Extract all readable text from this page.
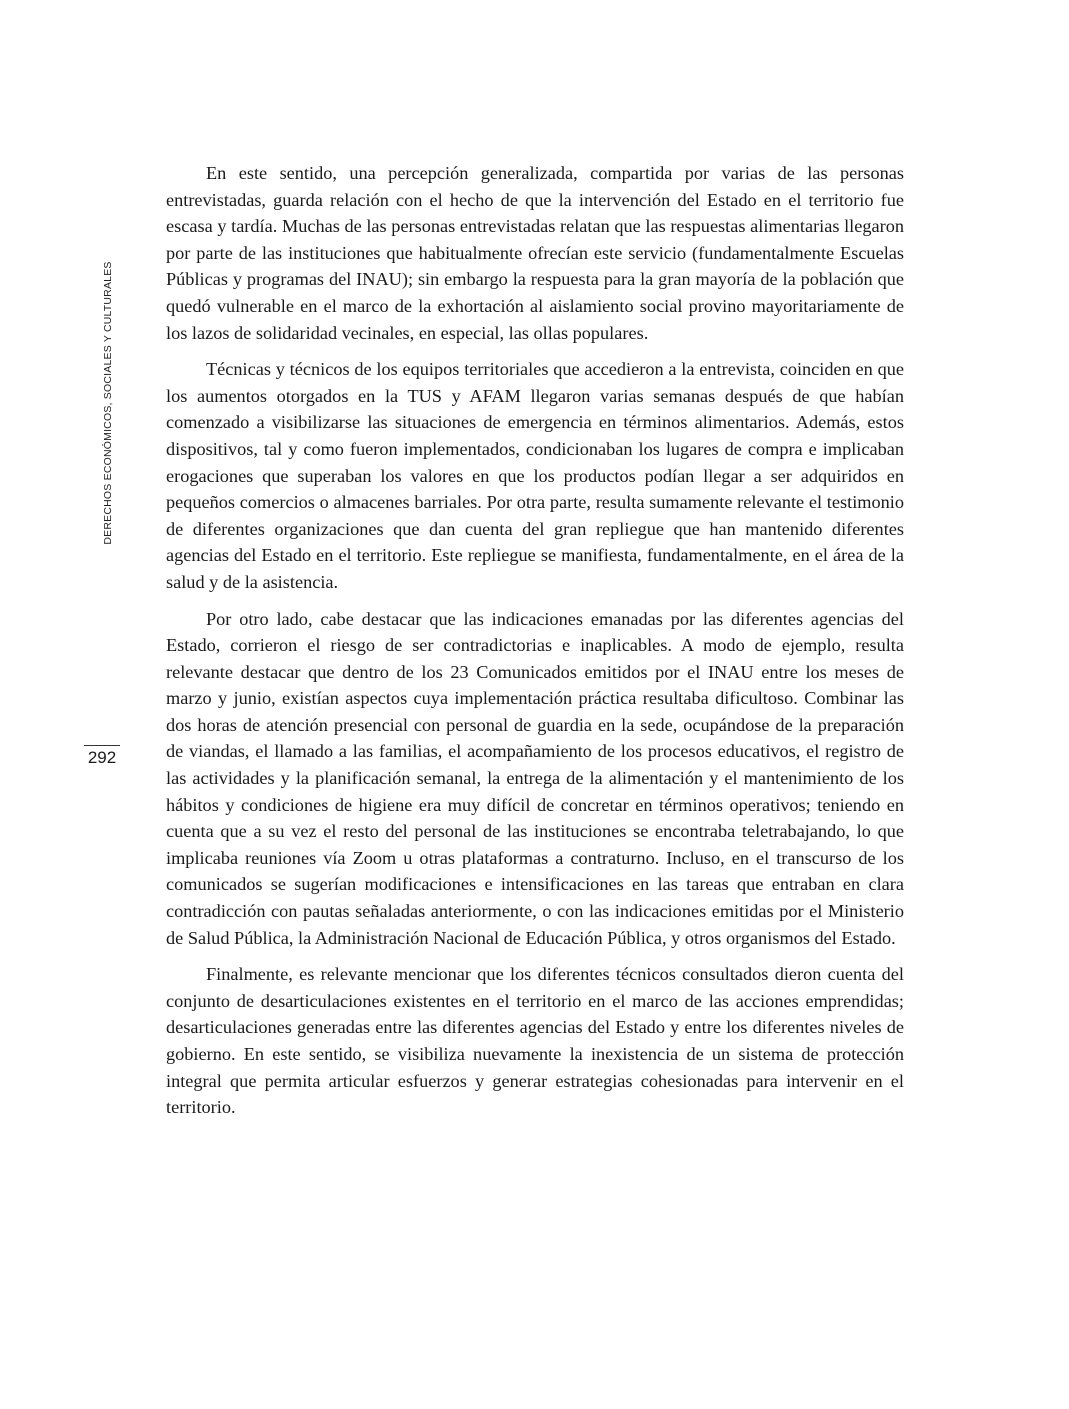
DERECHOS ECONÓMICOS, SOCIALES Y CULTURALES
292

En este sentido, una percepción generalizada, compartida por varias de las personas entrevistadas, guarda relación con el hecho de que la intervención del Estado en el territorio fue escasa y tardía. Muchas de las personas entrevistadas relatan que las respuestas alimentarias llegaron por parte de las instituciones que habitualmente ofrecían este servicio (fundamentalmente Escuelas Públicas y programas del INAU); sin embargo la respuesta para la gran mayoría de la población que quedó vulnerable en el marco de la exhortación al aislamiento social provino mayoritariamente de los lazos de solidaridad vecinales, en especial, las ollas populares.

Técnicas y técnicos de los equipos territoriales que accedieron a la entrevista, coinciden en que los aumentos otorgados en la TUS y AFAM llegaron varias semanas después de que habían comenzado a visibilizarse las situaciones de emergencia en términos alimentarios. Además, estos dispositivos, tal y como fueron implementados, condicionaban los lugares de compra e implicaban erogaciones que superaban los valores en que los productos podían llegar a ser adquiridos en pequeños comercios o almacenes barriales. Por otra parte, resulta sumamente relevante el testimonio de diferentes organizaciones que dan cuenta del gran repliegue que han mantenido diferentes agencias del Estado en el territorio. Este repliegue se manifiesta, fundamentalmente, en el área de la salud y de la asistencia.

Por otro lado, cabe destacar que las indicaciones emanadas por las diferentes agencias del Estado, corrieron el riesgo de ser contradictorias e inaplicables. A modo de ejemplo, resulta relevante destacar que dentro de los 23 Comunicados emitidos por el INAU entre los meses de marzo y junio, existían aspectos cuya implementación práctica resultaba dificultoso. Combinar las dos horas de atención presencial con personal de guardia en la sede, ocupándose de la preparación de viandas, el llamado a las familias, el acompañamiento de los procesos educativos, el registro de las actividades y la planificación semanal, la entrega de la alimentación y el mantenimiento de los hábitos y condiciones de higiene era muy difícil de concretar en términos operativos; teniendo en cuenta que a su vez el resto del personal de las instituciones se encontraba teletrabajando, lo que implicaba reuniones vía Zoom u otras plataformas a contraturno. Incluso, en el transcurso de los comunicados se sugerían modificaciones e intensificaciones en las tareas que entraban en clara contradicción con pautas señaladas anteriormente, o con las indicaciones emitidas por el Ministerio de Salud Pública, la Administración Nacional de Educación Pública, y otros organismos del Estado.

Finalmente, es relevante mencionar que los diferentes técnicos consultados dieron cuenta del conjunto de desarticulaciones existentes en el territorio en el marco de las acciones emprendidas; desarticulaciones generadas entre las diferentes agencias del Estado y entre los diferentes niveles de gobierno. En este sentido, se visibiliza nuevamente la inexistencia de un sistema de protección integral que permita articular esfuerzos y generar estrategias cohesionadas para intervenir en el territorio.
